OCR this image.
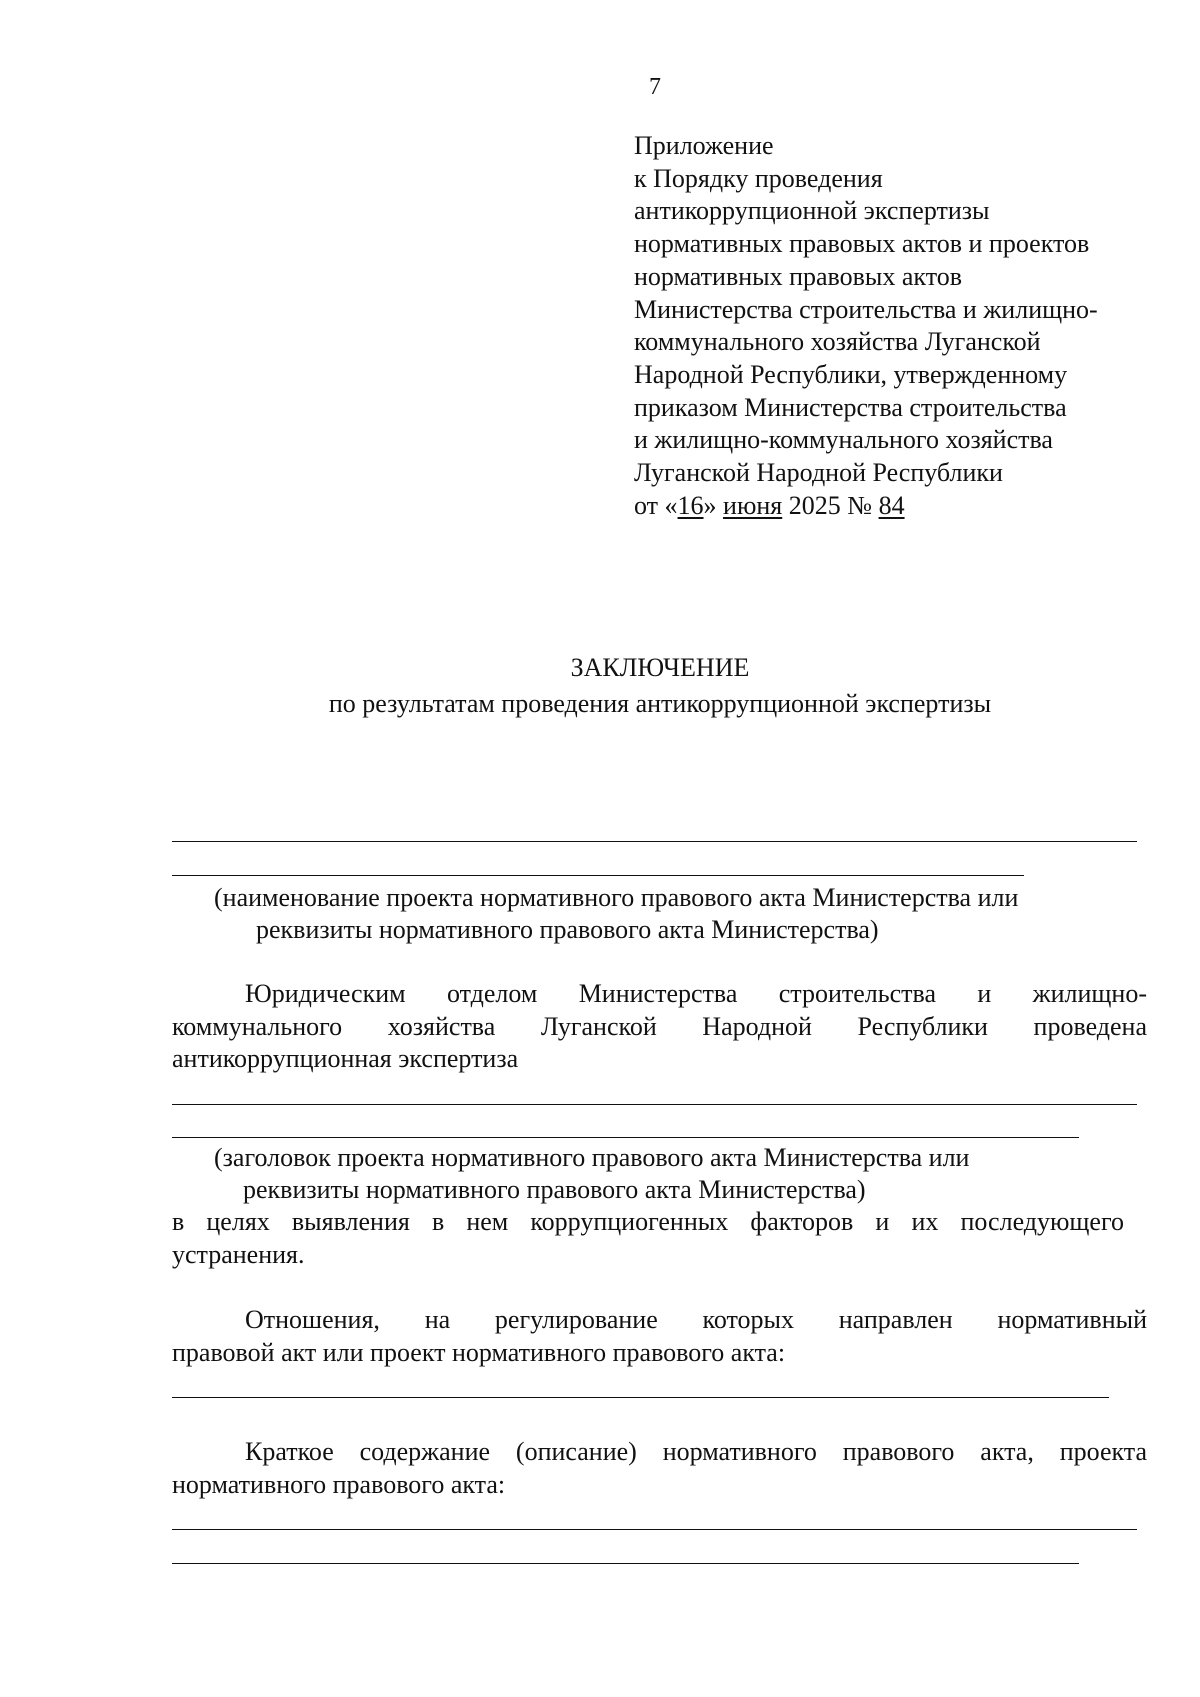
7
Приложение
к Порядку проведения
антикоррупционной экспертизы
нормативных правовых актов и проектов
нормативных правовых актов
Министерства строительства и жилищно-
коммунального хозяйства Луганской
Народной Республики, утвержденному
приказом Министерства строительства
и жилищно-коммунального хозяйства
Луганской Народной Республики
от «16» июня 2025 № 84
ЗАКЛЮЧЕНИЕ
по результатам проведения антикоррупционной экспертизы
(наименование проекта нормативного правового акта Министерства или
реквизиты нормативного правового акта Министерства)
Юридическим отделом Министерства строительства и жилищно-
коммунального хозяйства Луганской Народной Республики проведена
антикоррупционная экспертиза
(заголовок проекта нормативного правового акта Министерства или
реквизиты нормативного правового акта Министерства)
в целях выявления в нем коррупциогенных факторов и их последующего
устранения.
Отношения, на регулирование которых направлен нормативный
правовой акт или проект нормативного правового акта:
Краткое содержание (описание) нормативного правового акта, проекта
нормативного правового акта:
